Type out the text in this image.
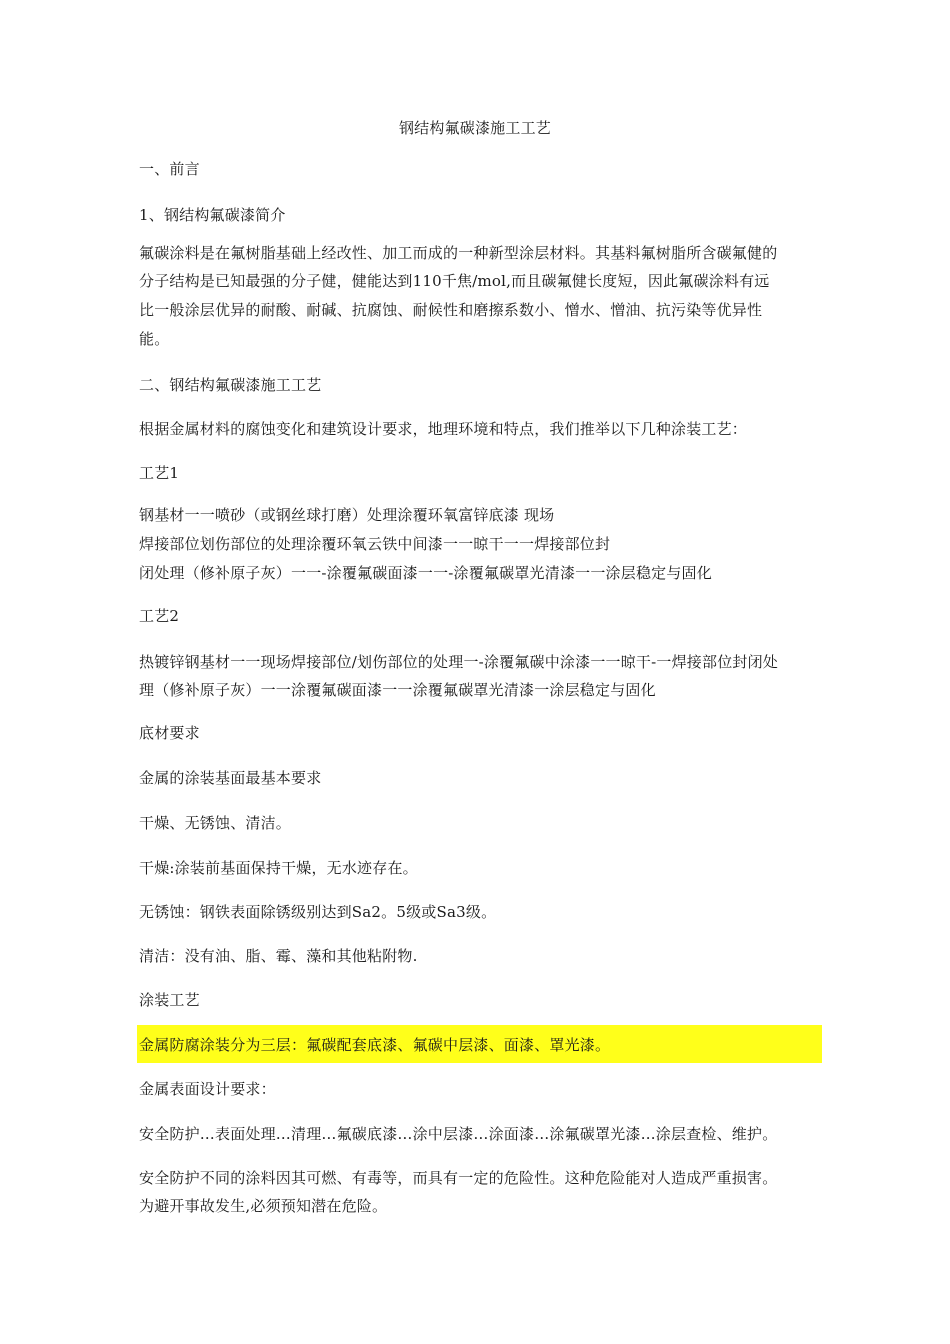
钢结构氟碳漆施工工艺
一、前言
1、钢结构氟碳漆简介
氟碳涂料是在氟树脂基础上经改性、加工而成的一种新型涂层材料。其基料氟树脂所含碳氟健的
分子结构是已知最强的分子健，健能达到110千焦/mol,而且碳氟健长度短，因此氟碳涂料有远
比一般涂层优异的耐酸、耐碱、抗腐蚀、耐候性和磨擦系数小、憎水、憎油、抗污染等优异性
能。
二、钢结构氟碳漆施工工艺
根据金属材料的腐蚀变化和建筑设计要求，地理环境和特点，我们推举以下几种涂装工艺：
工艺1
钢基材一一喷砂（或钢丝球打磨）处理涂覆环氧富锌底漆 现场
焊接部位划伤部位的处理涂覆环氧云铁中间漆一一晾干一一焊接部位封
闭处理（修补原子灰）一一-涂覆氟碳面漆一一-涂覆氟碳罩光清漆一一涂层稳定与固化
工艺2
热镀锌钢基材一一现场焊接部位/划伤部位的处理一-涂覆氟碳中涂漆一一晾干-一焊接部位封闭处
理（修补原子灰）一一涂覆氟碳面漆一一涂覆氟碳罩光清漆一涂层稳定与固化
底材要求
金属的涂装基面最基本要求
干燥、无锈蚀、清洁。
干燥:涂装前基面保持干燥，无水迹存在。
无锈蚀：钢铁表面除锈级别达到Sa2。5级或Sa3级。
清洁：没有油、脂、霉、藻和其他粘附物.
涂装工艺
金属防腐涂装分为三层：氟碳配套底漆、氟碳中层漆、面漆、罩光漆。
金属表面设计要求：
安全防护…表面处理…清理…氟碳底漆…涂中层漆…涂面漆…涂氟碳罩光漆…涂层查检、维护。
安全防护不同的涂料因其可燃、有毒等，而具有一定的危险性。这种危险能对人造成严重损害。
为避开事故发生,必须预知潜在危险。
